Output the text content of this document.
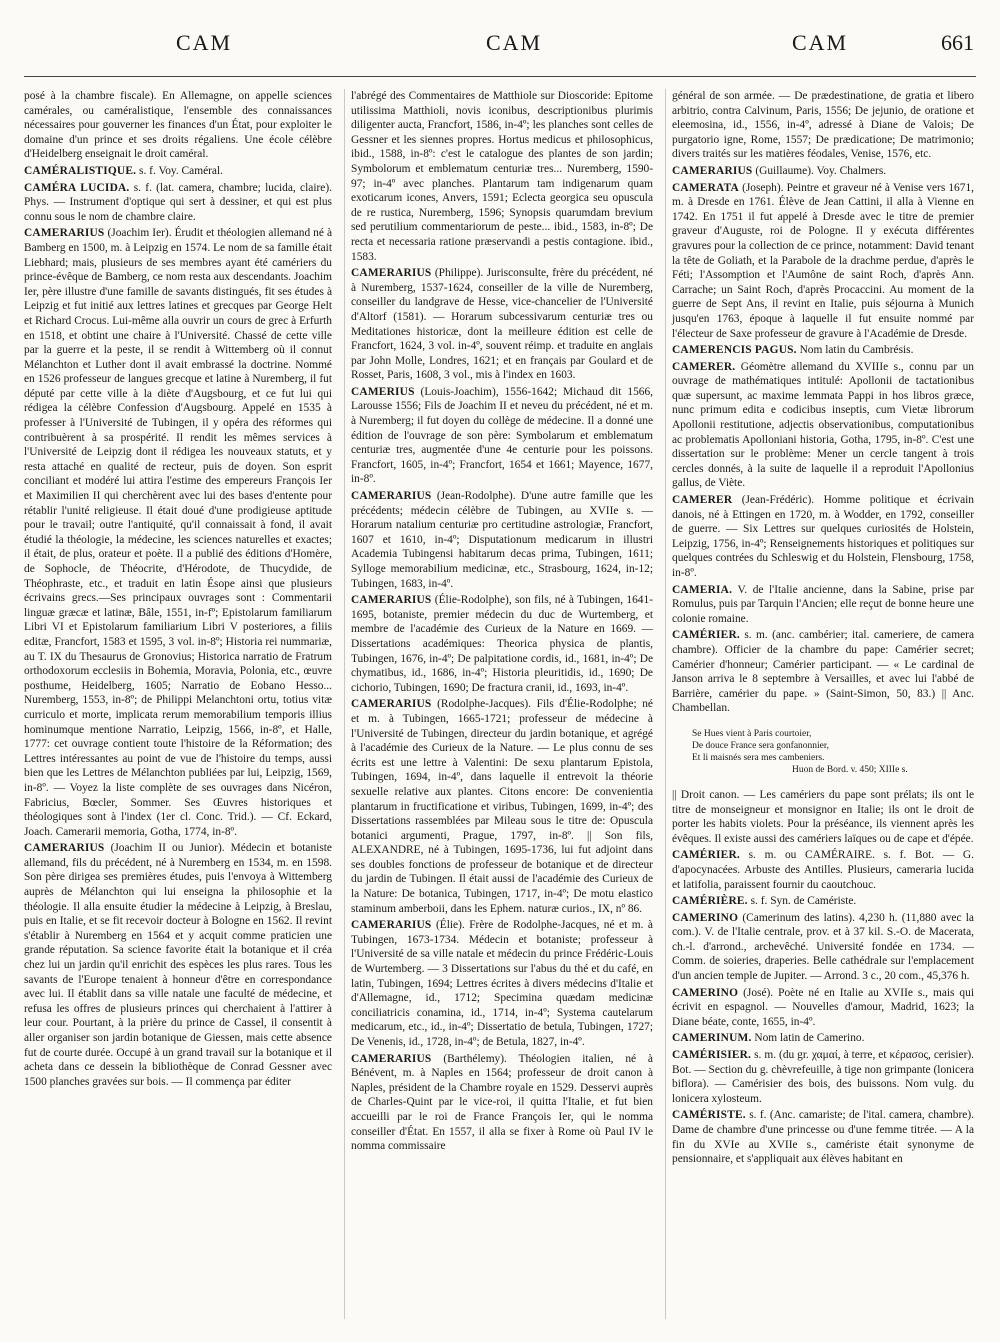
CAM	CAM	CAM	661

posé à la chambre fiscale). En Allemagne, on appelle sciences camérales, ou caméralistique, l'ensemble des connaissances nécessaires pour gouverner les finances d'un État, pour exploiter le domaine d'un prince et ses droits régaliens. Une école célèbre d'Heidelberg enseignait le droit caméral.

CAMÉRALISTIQUE. s. f. Voy. Caméral.

CAMÉRA LUCIDA. s. f. (lat. camera, chambre; lucida, claire). Phys. — Instrument d'optique qui sert à dessiner, et qui est plus connu sous le nom de chambre claire.

CAMERARIUS (Joachim Ier). Érudit et théologien allemand né à Bamberg en 1500, m. à Leipzig en 1574. Le nom de sa famille était Liebhard; mais, plusieurs de ses membres ayant été camériers du prince-évêque de Bamberg, ce nom resta aux descendants. Joachim Ier, père illustre d'une famille de savants distingués, fit ses études à Leipzig et fut initié aux lettres latines et grecques par George Helt et Richard Crocus. Lui-même alla ouvrir un cours de grec à Erfurth en 1518, et obtint une chaire à l'Université. Chassé de cette ville par la guerre et la peste, il se rendit à Wittemberg où il connut Mélanchton et Luther dont il avait embrassé la doctrine. Nommé en 1526 professeur de langues grecque et latine à Nuremberg, il fut député par cette ville à la diète d'Augsbourg, et ce fut lui qui rédigea la célèbre Confession d'Augsbourg. Appelé en 1535 à professer à l'Université de Tubingen, il y opéra des réformes qui contribuèrent à sa prospérité. Il rendit les mêmes services à l'Université de Leipzig dont il rédigea les nouveaux statuts, et y resta attaché en qualité de recteur, puis de doyen. Son esprit conciliant et modéré lui attira l'estime des empereurs François Ier et Maximilien II qui cherchèrent avec lui des bases d'entente pour rétablir l'unité religieuse. Il était doué d'une prodigieuse aptitude pour le travail; outre l'antiquité, qu'il connaissait à fond, il avait étudié la théologie, la médecine, les sciences naturelles et exactes; il était, de plus, orateur et poète. Il a publié des éditions d'Homère, de Sophocle, de Théocrite, d'Hérodote, de Thucydide, de Théophraste, etc., et traduit en latin Ésope ainsi que plusieurs écrivains grecs.—Ses principaux ouvrages sont : Commentarii linguæ græcæ et latinæ, Bâle, 1551, in-fº; Epistolarum familiarum Libri VI et Epistolarum familiarium Libri V posteriores, a filiis editæ, Francfort, 1583 et 1595, 3 vol. in-8º; Historia rei nummariæ, au T. IX du Thesaurus de Gronovius; Historica narratio de Fratrum orthodoxorum ecclesiis in Bohemia, Moravia, Polonia, etc., œuvre posthume, Heidelberg, 1605; Narratio de Eobano Hesso... Nuremberg, 1553, in-8º; de Philippi Melanchtoni ortu, totius vitæ curriculo et morte, implicata rerum memorabilium temporis illius hominumque mentione Narratio, Leipzig, 1566, in-8º, et Halle, 1777: cet ouvrage contient toute l'histoire de la Réformation; des Lettres intéressantes au point de vue de l'histoire du temps, aussi bien que les Lettres de Mélanchton publiées par lui, Leipzig, 1569, in-8º. — Voyez la liste complète de ses ouvrages dans Nicéron, Fabricius, Bœcler, Sommer. Ses Œuvres historiques et théologiques sont à l'index (1er cl. Conc. Trid.). — Cf. Eckard, Joach. Camerarii memoria, Gotha, 1774, in-8º.

CAMERARIUS (Joachim II ou Junior). Médecin et botaniste allemand, fils du précédent, né à Nuremberg en 1534, m. en 1598. Son père dirigea ses premières études, puis l'envoya à Wittemberg auprès de Mélanchton qui lui enseigna la philosophie et la théologie. Il alla ensuite étudier la médecine à Leipzig, à Breslau, puis en Italie, et se fit recevoir docteur à Bologne en 1562. Il revint s'établir à Nuremberg en 1564 et y acquit comme praticien une grande réputation. Sa science favorite était la botanique et il créa chez lui un jardin qu'il enrichit des espèces les plus rares. Tous les savants de l'Europe tenaient à honneur d'être en correspondance avec lui. Il établit dans sa ville natale une faculté de médecine, et refusa les offres de plusieurs princes qui cherchaient à l'attirer à leur cour. Pourtant, à la prière du prince de Cassel, il consentit à aller organiser son jardin botanique de Giessen, mais cette absence fut de courte durée. Occupé à un grand travail sur la botanique et il acheta dans ce dessein la bibliothèque de Conrad Gessner avec 1500 planches gravées sur bois. — Il commença par éditer

l'abrégé des Commentaires de Matthiole sur Dioscoride: Epitome utilissima Matthioli, novis iconibus, descriptionibus plurimis diligenter aucta, Francfort, 1586, in-4º; les planches sont celles de Gessner et les siennes propres. Hortus medicus et philosophicus, ibid., 1588, in-8º: c'est le catalogue des plantes de son jardin; Symbolorum et emblematum centuriæ tres... Nuremberg, 1590-97; in-4º avec planches. Plantarum tam indigenarum quam exoticarum icones, Anvers, 1591; Eclecta georgica seu opuscula de re rustica, Nuremberg, 1596; Synopsis quarumdam brevium sed perutilium commentariorum de peste... ibid., 1583, in-8º; De recta et necessaria ratione præservandi a pestis contagione. ibid., 1583.

CAMERARIUS (Philippe). Jurisconsulte, frère du précédent, né à Nuremberg, 1537-1624, conseiller de la ville de Nuremberg, conseiller du landgrave de Hesse, vice-chancelier de l'Université d'Altorf (1581). — Horarum subcessivarum centuriæ tres ou Meditationes historicæ, dont la meilleure édition est celle de Francfort, 1624, 3 vol. in-4º, souvent réimp. et traduite en anglais par John Molle, Londres, 1621; et en français par Goulard et de Rosset, Paris, 1608, 3 vol., mis à l'index en 1603.

CAMERIUS (Louis-Joachim), 1556-1642; Michaud dit 1566, Larousse 1556; Fils de Joachim II et neveu du précédent, né et m. à Nuremberg; il fut doyen du collège de médecine. Il a donné une édition de l'ouvrage de son père: Symbolarum et emblematum centuriæ tres, augmentée d'une 4e centurie pour les poissons. Francfort, 1605, in-4º; Francfort, 1654 et 1661; Mayence, 1677, in-8º.

CAMERARIUS (Jean-Rodolphe). D'une autre famille que les précédents; médecin célèbre de Tubingen, au XVIIe s. — Horarum natalium centuriæ pro certitudine astrologiæ, Francfort, 1607 et 1610, in-4º; Disputationum medicarum in illustri Academia Tubingensi habitarum decas prima, Tubingen, 1611; Sylloge memorabilium medicinæ, etc., Strasbourg, 1624, in-12; Tubingen, 1683, in-4º.

CAMERARIUS (Élie-Rodolphe), son fils, né à Tubingen, 1641-1695, botaniste, premier médecin du duc de Wurtemberg, et membre de l'académie des Curieux de la Nature en 1669. — Dissertations académiques: Theorica physica de plantis, Tubingen, 1676, in-4º; De palpitatione cordis, id., 1681, in-4º; De chymatibus, id., 1686, in-4º; Historia pleuritidis, id., 1690; De cichorio, Tubingen, 1690; De fractura cranii, id., 1693, in-4º.

CAMERARIUS (Rodolphe-Jacques). Fils d'Élie-Rodolphe; né et m. à Tubingen, 1665-1721; professeur de médecine à l'Université de Tubingen, directeur du jardin botanique, et agrégé à l'académie des Curieux de la Nature. — Le plus connu de ses écrits est une lettre à Valentini: De sexu plantarum Epistola, Tubingen, 1694, in-4º, dans laquelle il entrevoit la théorie sexuelle relative aux plantes. Citons encore: De convenientia plantarum in fructificatione et viribus, Tubingen, 1699, in-4º; des Dissertations rassemblées par Mileau sous le titre de: Opuscula botanici argumenti, Prague, 1797, in-8º. || Son fils, ALEXANDRE, né à Tubingen, 1695-1736, lui fut adjoint dans ses doubles fonctions de professeur de botanique et de directeur du jardin de Tubingen. Il était aussi de l'académie des Curieux de la Nature: De botanica, Tubingen, 1717, in-4º; De motu elastico staminum amberboii, dans les Ephem. naturæ curios., IX, nº 86.

CAMERARIUS (Élie). Frère de Rodolphe-Jacques, né et m. à Tubingen, 1673-1734. Médecin et botaniste; professeur à l'Université de sa ville natale et médecin du prince Frédéric-Louis de Wurtemberg. — 3 Dissertations sur l'abus du thé et du café, en latin, Tubingen, 1694; Lettres écrites à divers médecins d'Italie et d'Allemagne, id., 1712; Specimina quædam medicinæ conciliatricis conamina, id., 1714, in-4º; Systema cautelarum medicarum, etc., id., in-4º; Dissertatio de betula, Tubingen, 1727; De Venenis, id., 1728, in-4º; de Betula, 1827, in-4º.

CAMERARIUS (Barthélemy). Théologien italien, né à Bénévent, m. à Naples en 1564; professeur de droit canon à Naples, président de la Chambre royale en 1529. Desservi auprès de Charles-Quint par le vice-roi, il quitta l'Italie, et fut bien accueilli par le roi de France François Ier, qui le nomma conseiller d'État. En 1557, il alla se fixer à Rome où Paul IV le nomma commissaire

général de son armée. — De prædestinatione, de gratia et libero arbitrio, contra Calvinum, Paris, 1556; De jejunio, de oratione et eleemosina, id., 1556, in-4º, adressé à Diane de Valois; De purgatorio igne, Rome, 1557; De prædicatione; De matrimonio; divers traités sur les matières féodales, Venise, 1576, etc.

CAMERARIUS (Guillaume). Voy. Chalmers.

CAMERATA (Joseph). Peintre et graveur né à Venise vers 1671, m. à Dresde en 1761. Élève de Jean Cattini, il alla à Vienne en 1742. En 1751 il fut appelé à Dresde avec le titre de premier graveur d'Auguste, roi de Pologne. Il y exécuta différentes gravures pour la collection de ce prince, notamment: David tenant la tête de Goliath, et la Parabole de la drachme perdue, d'après le Féti; l'Assomption et l'Aumône de saint Roch, d'après Ann. Carrache; un Saint Roch, d'après Procaccini. Au moment de la guerre de Sept Ans, il revint en Italie, puis séjourna à Munich jusqu'en 1763, époque à laquelle il fut ensuite nommé par l'électeur de Saxe professeur de gravure à l'Académie de Dresde.

CAMERENCIS PAGUS. Nom latin du Cambrésis.

CAMERER. Géomètre allemand du XVIIIe s., connu par un ouvrage de mathématiques intitulé: Apollonii de tactationibus quæ supersunt, ac maxime lemmata Pappi in hos libros græce, nunc primum edita e codicibus inseptis, cum Vietæ librorum Apollonii restitutione, adjectis observationibus, computationibus ac problematis Apolloniani historia, Gotha, 1795, in-8º. C'est une dissertation sur le problème: Mener un cercle tangent à trois cercles donnés, à la suite de laquelle il a reproduit l'Apollonius gallus, de Viète.

CAMERER (Jean-Frédéric). Homme politique et écrivain danois, né à Ettingen en 1720, m. à Wodder, en 1792, conseiller de guerre. — Six Lettres sur quelques curiosités de Holstein, Leipzig, 1756, in-4º; Renseignements historiques et politiques sur quelques contrées du Schleswig et du Holstein, Flensbourg, 1758, in-8º.

CAMERIA. V. de l'Italie ancienne, dans la Sabine, prise par Romulus, puis par Tarquin l'Ancien; elle reçut de bonne heure une colonie romaine.

CAMÉRIER. s. m. (anc. cambérier; ital. cameriere, de camera chambre). Officier de la chambre du pape: Camérier secret; Camérier d'honneur; Camérier participant. — « Le cardinal de Janson arriva le 8 septembre à Versailles, et avec lui l'abbé de Barrière, camérier du pape. » (Saint-Simon, 50, 83.) || Anc. Chambellan.

Se Hues vient à Paris courtoier,
De douce France sera gonfanonnier,
Et li maisnés sera mes cambeniers.
Huon de Bord. v. 450; XIIIe s.

|| Droit canon. — Les camériers du pape sont prélats; ils ont le titre de monseigneur et monsignor en Italie; ils ont le droit de porter les habits violets. Pour la préséance, ils viennent après les évêques. Il existe aussi des camériers laïques ou de cape et d'épée.

CAMÉRIER. s. m. ou CAMÉRAIRE. s. f. Bot. — G. d'apocynacées. Arbuste des Antilles. Plusieurs, cameraria lucida et latifolia, paraissent fournir du caoutchouc.

CAMÉRIÈRE. s. f. Syn. de Caméristе.

CAMERINO (Camerinum des latins). 4,230 h. (11,880 avec la com.). V. de l'Italie centrale, prov. et à 37 kil. S.-O. de Macerata, ch.-l. d'arrond., archevêché. Université fondée en 1734. — Comm. de soieries, draperies. Belle cathédrale sur l'emplacement d'un ancien temple de Jupiter. — Arrond. 3 c., 20 com., 45,376 h.

CAMERINO (José). Poète né en Italie au XVIIe s., mais qui écrivit en espagnol. — Nouvelles d'amour, Madrid, 1623; la Diane béate, conte, 1655, in-4º.

CAMERINUM. Nom latin de Camerino.

CAMÉRISIER. s. m. (du gr. χαμαί, à terre, et κέρασος, cerisier). Bot. — Section du g. chèvrefeuille, à tige non grimpante (lonicera biflora). — Camérisier des bois, des buissons. Nom vulg. du lonicera xylosteum.

CAMÉRISTE. s. f. (Anc. camariste; de l'ital. camera, chambre). Dame de chambre d'une princesse ou d'une femme titrée. — A la fin du XVIe au XVIIe s., caméristе était synonyme de pensionnaire, et s'appliquait aux élèves habitant en
